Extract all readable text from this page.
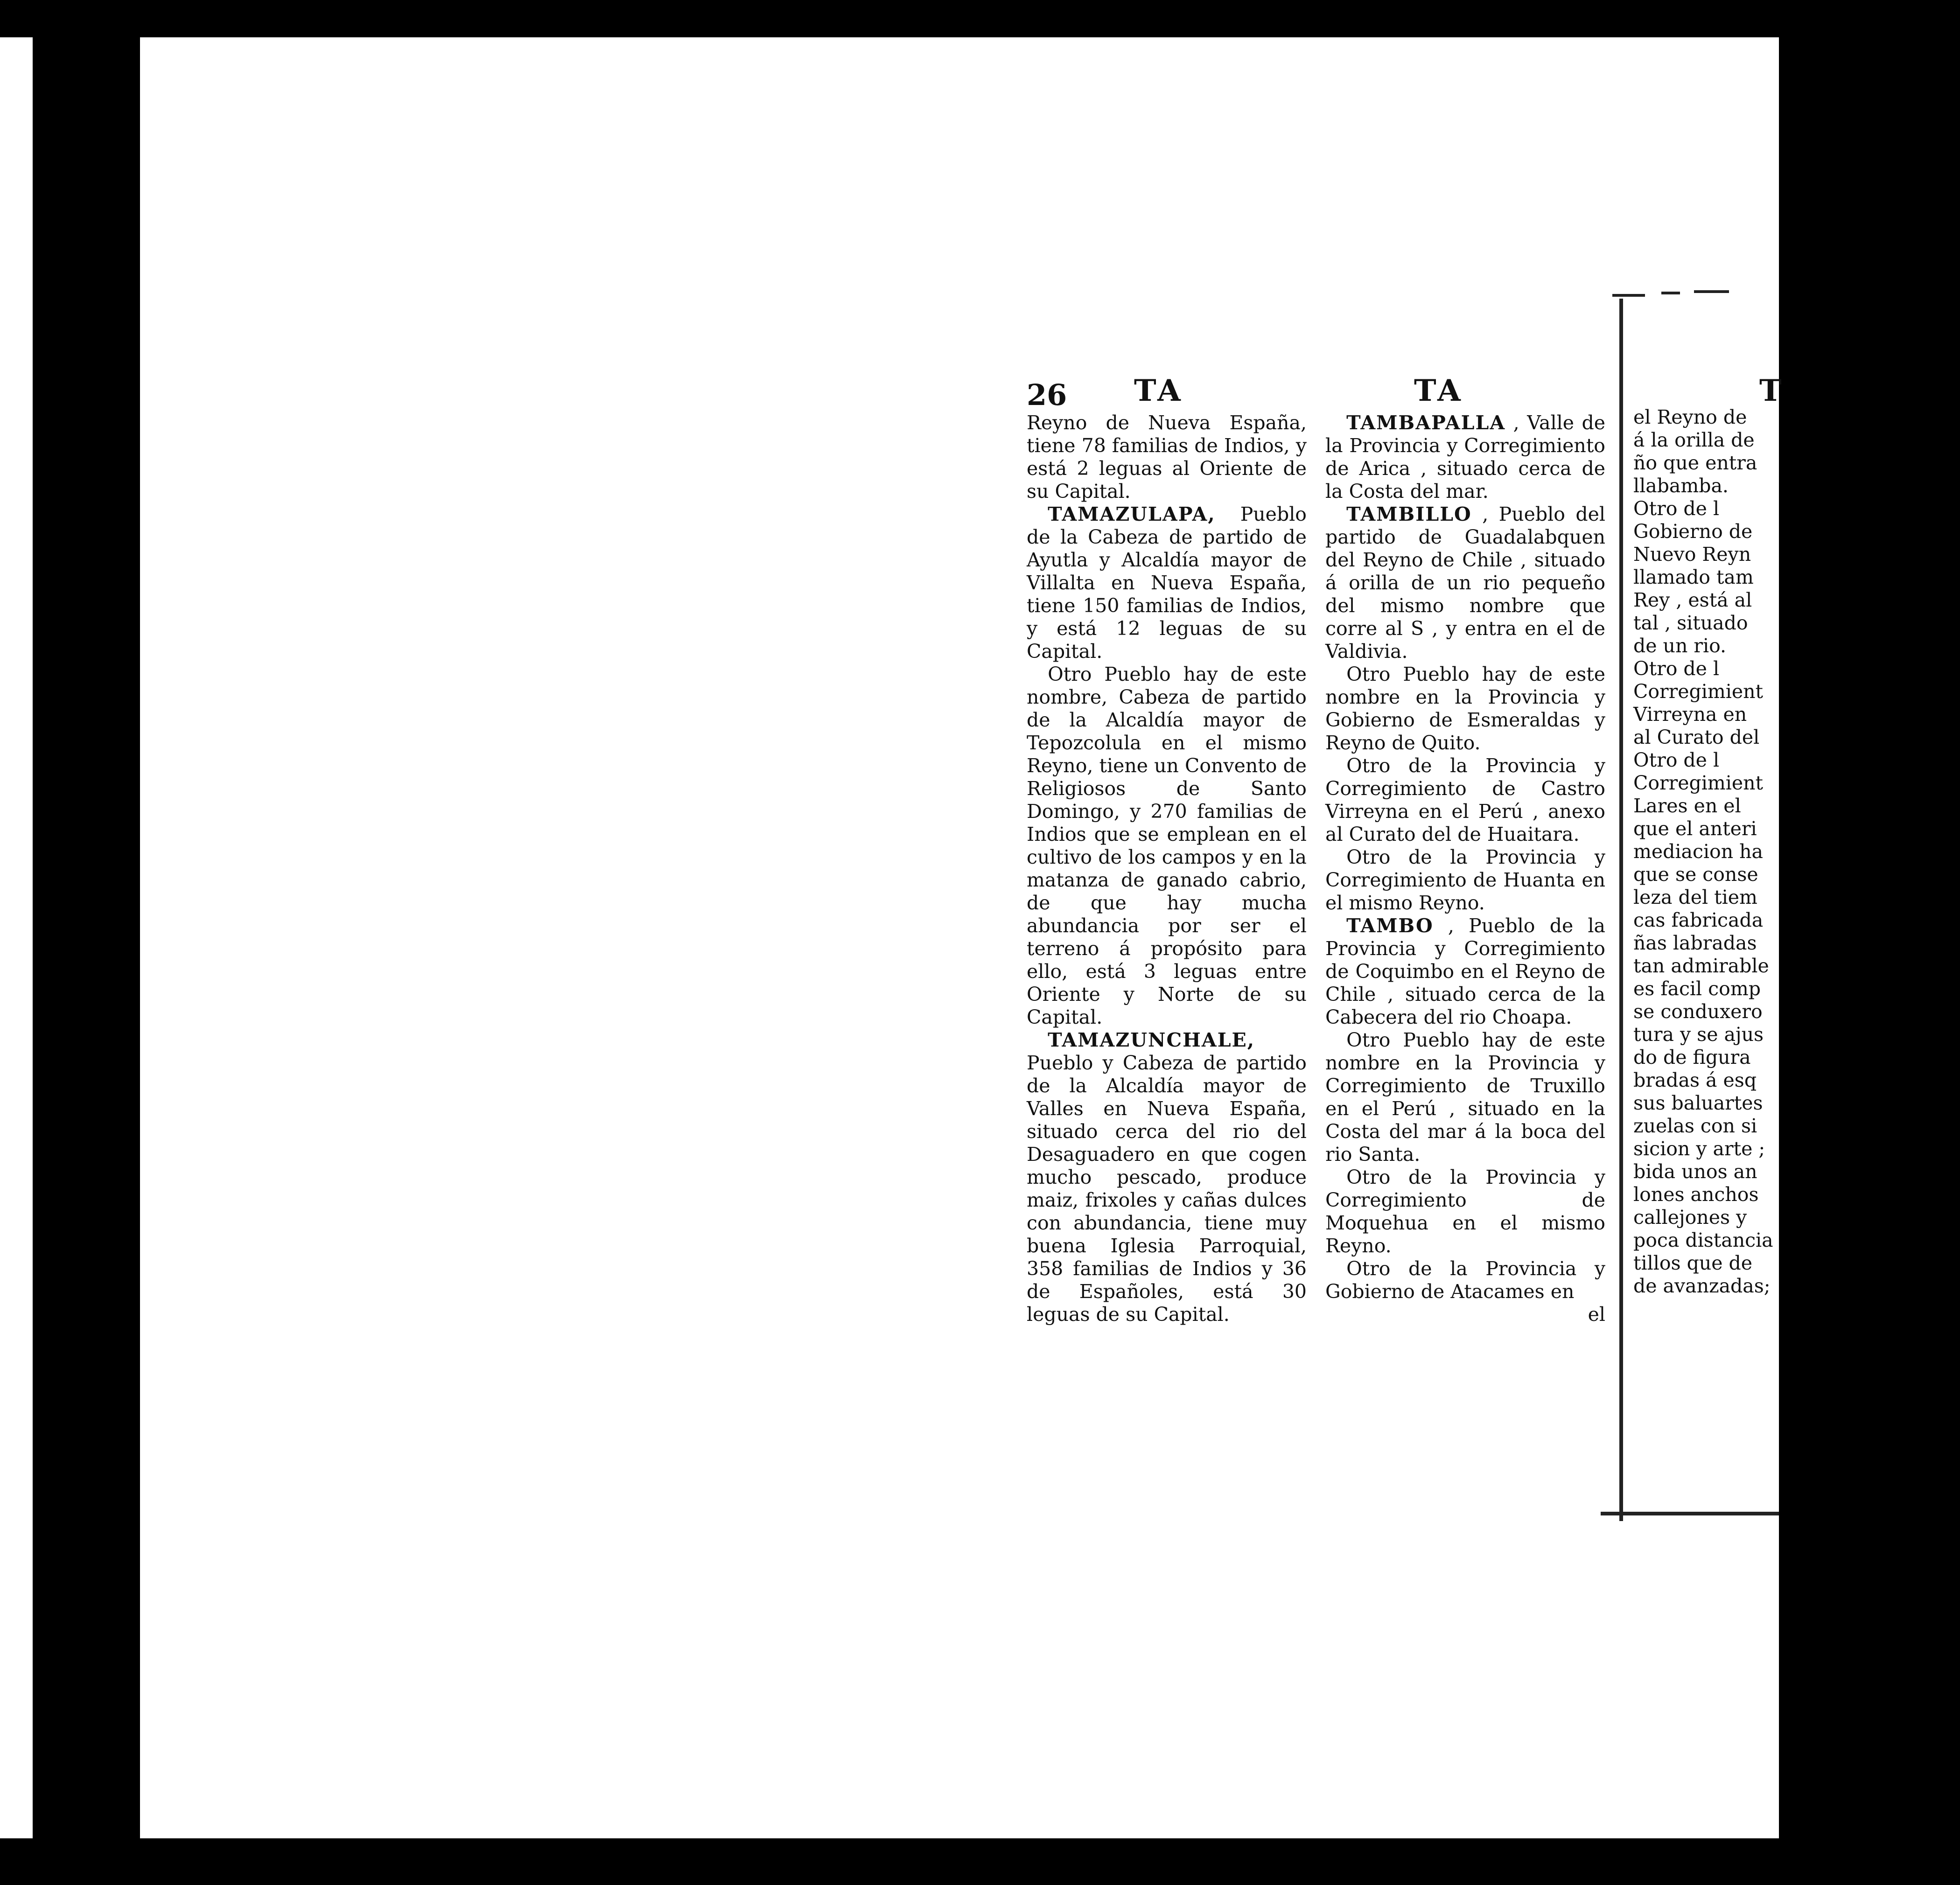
26 TA	TA

Reyno de Nueva España, tiene 78 familias de Indios, y está 2 leguas al Oriente de su Capital.

TAMAZULAPA, Pueblo de la Cabeza de partido de Ayutla y Alcaldía mayor de Villalta en Nueva España, tiene 150 familias de Indios, y está 12 leguas de su Capital.

Otro Pueblo hay de este nombre, Cabeza de partido de la Alcaldía mayor de Tepozcolula en el mismo Reyno, tiene un Convento de Religiosos de Santo Domingo, y 270 familias de Indios que se emplean en el cultivo de los campos y en la matanza de ganado cabrio, de que hay mucha abundancia por ser el terreno á propósito para ello, está 3 leguas entre Oriente y Norte de su Capital.

TAMAZUNCHALE, Pueblo y Cabeza de partido de la Alcaldía mayor de Valles en Nueva España, situado cerca del rio del Desaguadero en que cogen mucho pescado, produce maiz, frixoles y cañas dulces con abundancia, tiene muy buena Iglesia Parroquial, 358 familias de Indios y 36 de Españoles, está 30 leguas de su Capital.

TAMBAPALLA , Valle de la Provincia y Corregimiento de Arica , situado cerca de la Costa del mar.

TAMBILLO , Pueblo del partido de Guadalabquen del Reyno de Chile , situado á orilla de un rio pequeño del mismo nombre que corre al S , y entra en el de Valdivia.

Otro Pueblo hay de este nombre en la Provincia y Gobierno de Esmeraldas y Reyno de Quito.

Otro de la Provincia y Corregimiento de Castro Virreyna en el Perú , anexo al Curato del de Huaitara.

Otro de la Provincia y Corregimiento de Huanta en el mismo Reyno.

TAMBO , Pueblo de la Provincia y Corregimiento de Coquimbo en el Reyno de Chile , situado cerca de la Cabecera del rio Choapa.

Otro Pueblo hay de este nombre en la Provincia y Corregimiento de Truxillo en el Perú , situado en la Costa del mar á la boca del rio Santa.

Otro de la Provincia y Corregimiento de Moquehua en el mismo Reyno.

Otro de la Provincia y Gobierno de Atacames en

el
T
el Reyno de
á la orilla de
ño que entra
llabamba.
Otro de l
Gobierno de
Nuevo Reyn
llamado tam
Rey , está al
tal , situado
de un rio.
Otro de l
Corregimient
Virreyna en
al Curato del
Otro de l
Corregimient
Lares en el
que el anteri
mediacion ha
que se conse
leza del tiem
cas fabricada
ñas labradas
tan admirable
es facil comp
se conduxero
tura y se ajus
do de figura
bradas á esq
sus baluartes
zuelas con si
sicion y arte ;
bida unos an
lones anchos
callejones y
poca distancia
tillos que de
de avanzadas;
